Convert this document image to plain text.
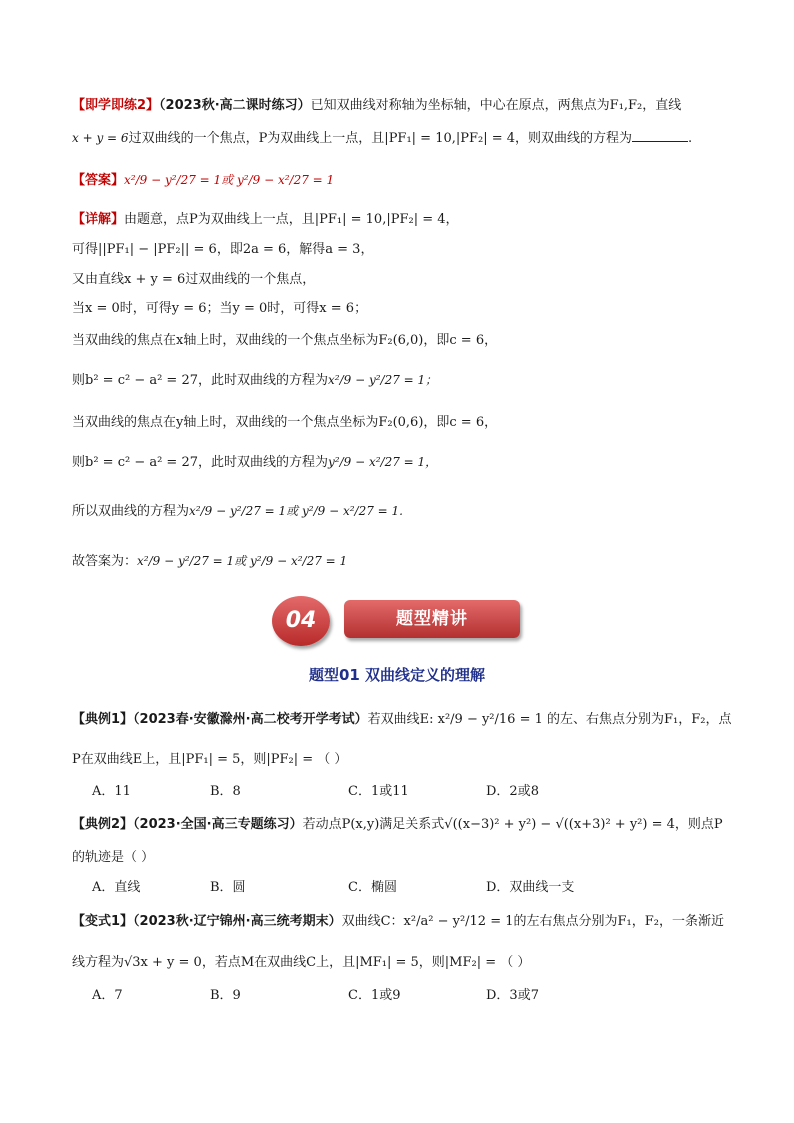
【即学即练2】（2023秋·高二课时练习）已知双曲线对称轴为坐标轴，中心在原点，两焦点为F₁,F₂，直线
x + y = 6过双曲线的一个焦点，P为双曲线上一点，且|PF₁| = 10,|PF₂| = 4，则双曲线的方程为	.
【答案】x²/9 − y²/27 = 1或 y²/9 − x²/27 = 1
【详解】由题意，点P为双曲线上一点，且|PF₁| = 10,|PF₂| = 4，
可得||PF₁| − |PF₂|| = 6，即2a = 6，解得a = 3，
又由直线x + y = 6过双曲线的一个焦点，
当x = 0时，可得y = 6；当y = 0时，可得x = 6；
当双曲线的焦点在x轴上时，双曲线的一个焦点坐标为F₂(6,0)，即c = 6，
则b² = c² − a² = 27，此时双曲线的方程为x²/9 − y²/27 = 1；
当双曲线的焦点在y轴上时，双曲线的一个焦点坐标为F₂(0,6)，即c = 6，
则b² = c² − a² = 27，此时双曲线的方程为y²/9 − x²/27 = 1，
所以双曲线的方程为x²/9 − y²/27 = 1或 y²/9 − x²/27 = 1.
故答案为：x²/9 − y²/27 = 1或 y²/9 − x²/27 = 1
04	题型精讲
题型01 双曲线定义的理解
【典例1】（2023春·安徽滁州·高二校考开学考试）若双曲线E: x²/9 − y²/16 = 1 的左、右焦点分别为F₁，F₂，点
P在双曲线E上，且|PF₁| = 5，则|PF₂| = （ ）
A．11	B．8	C．1或11	D．2或8
【典例2】（2023·全国·高三专题练习）若动点P(x,y)满足关系式√((x−3)² + y²) − √((x+3)² + y²) = 4，则点P
的轨迹是（ ）
A．直线	B．圆	C．椭圆	D．双曲线一支
【变式1】（2023秋·辽宁锦州·高三统考期末）双曲线C：x²/a² − y²/12 = 1的左右焦点分别为F₁，F₂，一条渐近
线方程为√3x + y = 0，若点M在双曲线C上，且|MF₁| = 5，则|MF₂| = （ ）
A．7	B．9	C．1或9	D．3或7
